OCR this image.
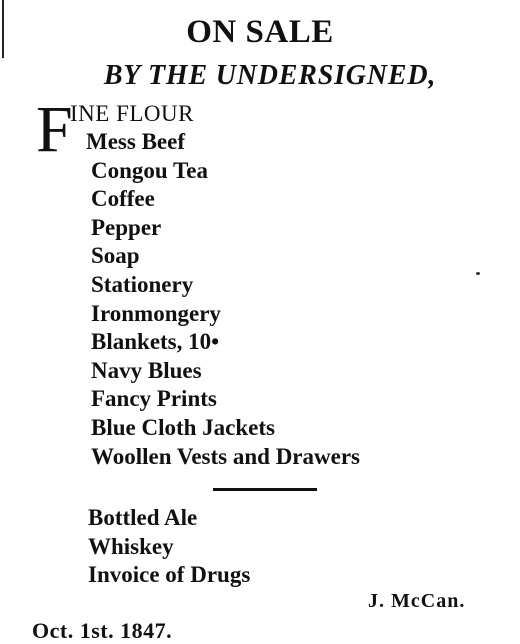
ON SALE
BY THE UNDERSIGNED,
F
INE FLOUR
Mess Beef
Congou Tea
Coffee
Pepper
Soap
Stationery
Ironmongery
Blankets, 10•
Navy Blues
Fancy Prints
Blue Cloth Jackets
Woollen Vests and Drawers
Bottled Ale
Whiskey
Invoice of Drugs
J. McCan.
Oct. 1st. 1847.
